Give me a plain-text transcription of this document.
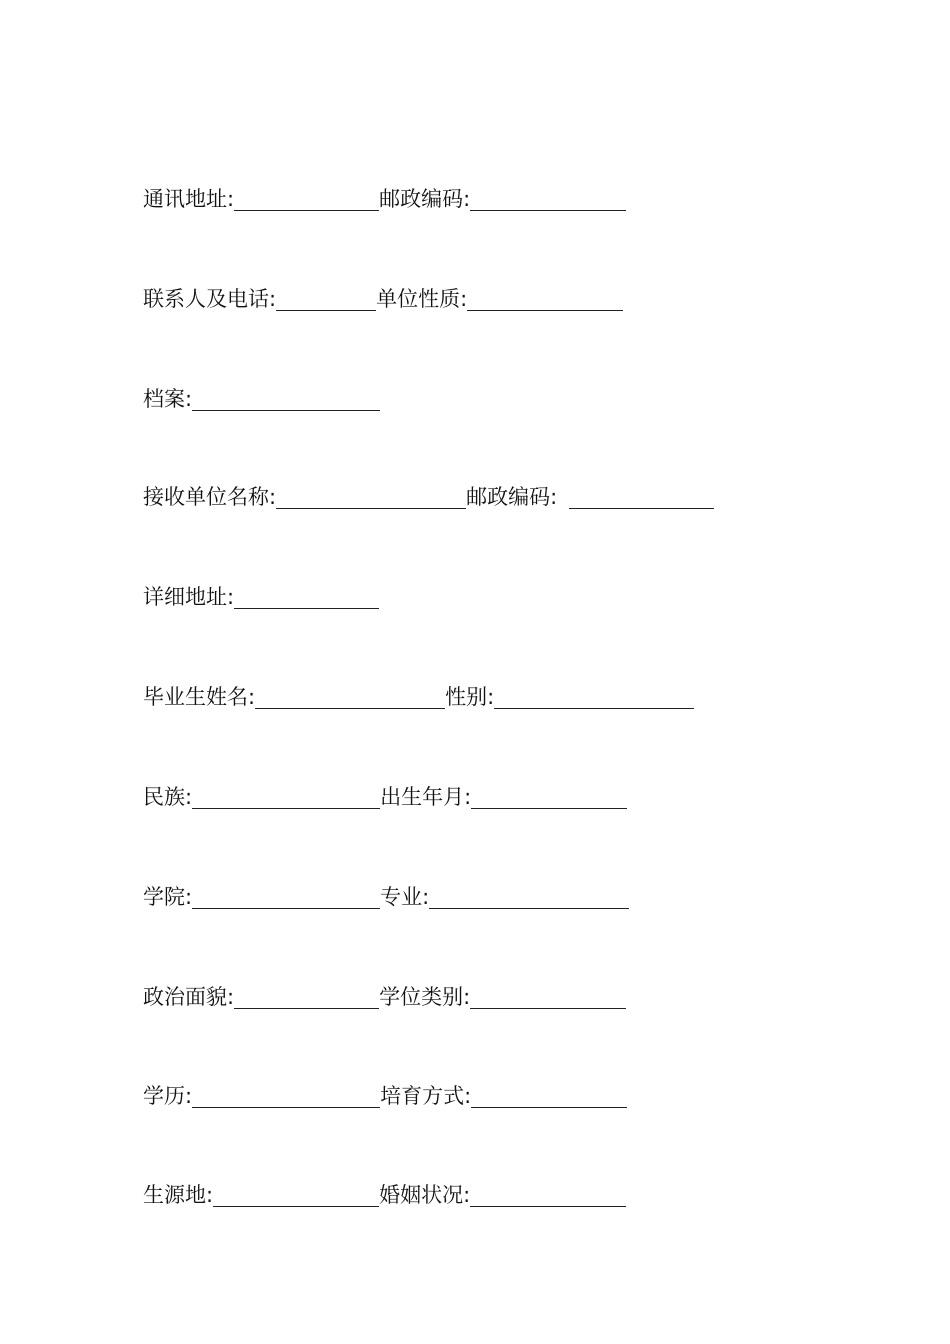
通讯地址:	邮政编码:
联系人及电话:	单位性质:
档案:
接收单位名称:	邮政编码:
详细地址:
毕业生姓名:	性别:
民族:	出生年月:
学院:	专业:
政治面貌:	学位类别:
学历:	培育方式:
生源地:	婚姻状况:
